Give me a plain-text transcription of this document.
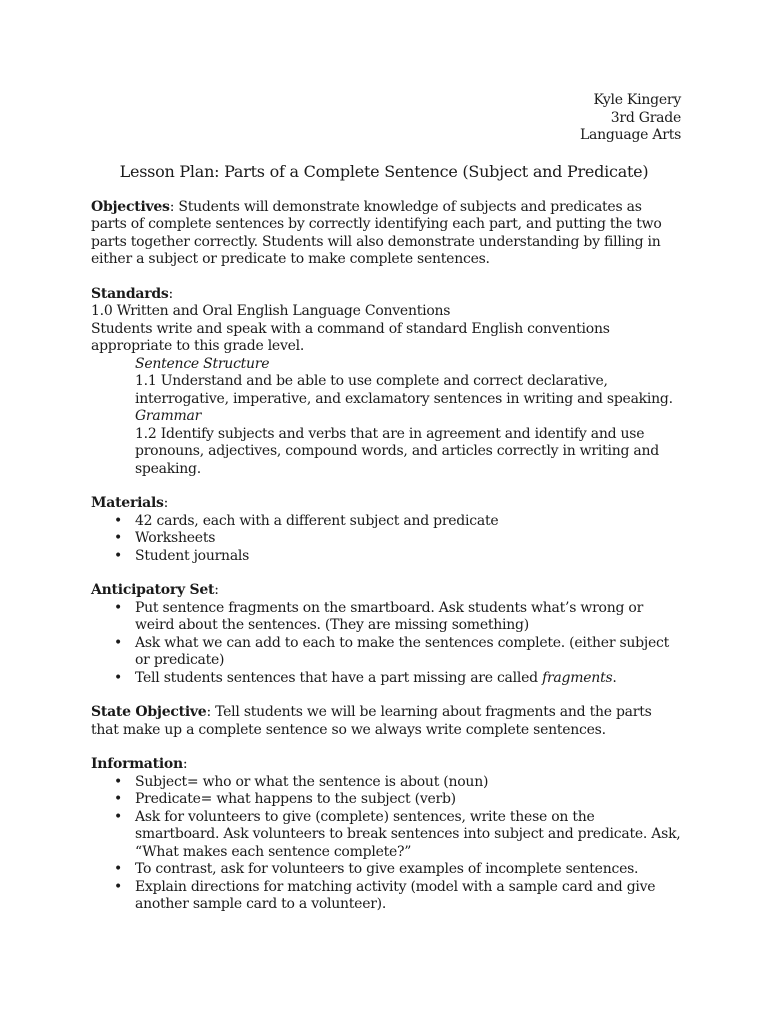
Kyle Kingery
3rd Grade
Language Arts
Lesson Plan: Parts of a Complete Sentence (Subject and Predicate)

Objectives: Students will demonstrate knowledge of subjects and predicates as parts of complete sentences by correctly identifying each part, and putting the two parts together correctly. Students will also demonstrate understanding by filling in either a subject or predicate to make complete sentences.

Standards:

1.0 Written and Oral English Language Conventions

Students write and speak with a command of standard English conventions appropriate to this grade level.

Sentence Structure

1.1 Understand and be able to use complete and correct declarative, interrogative, imperative, and exclamatory sentences in writing and speaking.

Grammar

1.2 Identify subjects and verbs that are in agreement and identify and use pronouns, adjectives, compound words, and articles correctly in writing and speaking.

Materials:

• 42 cards, each with a different subject and predicate
• Worksheets
• Student journals

Anticipatory Set:

• Put sentence fragments on the smartboard. Ask students what’s wrong or weird about the sentences. (They are missing something)
• Ask what we can add to each to make the sentences complete. (either subject or predicate)
• Tell students sentences that have a part missing are called fragments.

State Objective: Tell students we will be learning about fragments and the parts that make up a complete sentence so we always write complete sentences.

Information:

• Subject= who or what the sentence is about (noun)
• Predicate= what happens to the subject (verb)
• Ask for volunteers to give (complete) sentences, write these on the smartboard. Ask volunteers to break sentences into subject and predicate. Ask, “What makes each sentence complete?”
• To contrast, ask for volunteers to give examples of incomplete sentences.
• Explain directions for matching activity (model with a sample card and give another sample card to a volunteer).
